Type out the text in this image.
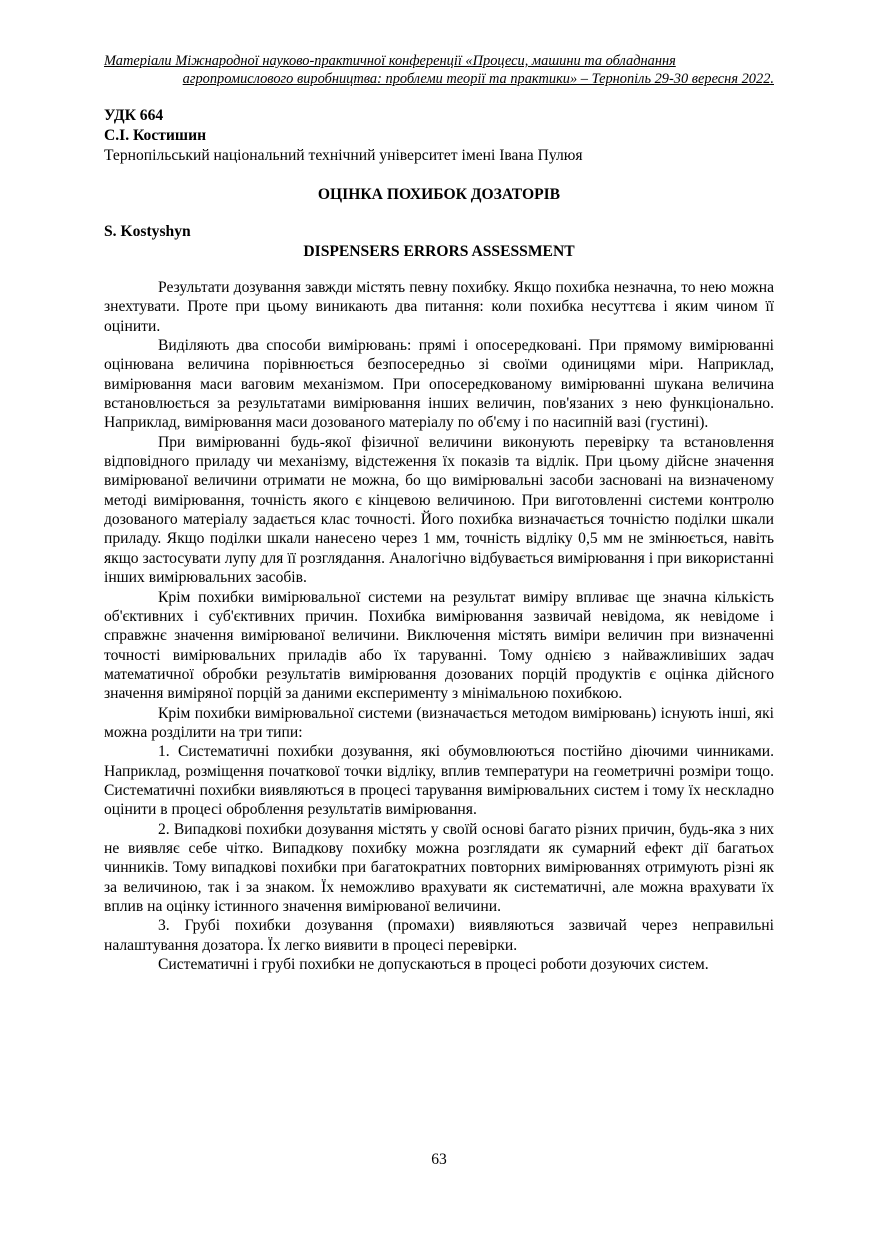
Матеріали Міжнародної науково-практичної конференції «Процеси, машини та обладнання
агропромислового виробництва: проблеми теорії та практики» – Тернопіль 29-30 вересня 2022.
УДК 664
С.І. Костишин
Тернопільський національний технічний університет імені Івана Пулюя
ОЦІНКА ПОХИБОК ДОЗАТОРІВ
S. Kostyshyn
DISPENSERS ERRORS ASSESSMENT

Результати дозування завжди містять певну похибку. Якщо похибка незначна, то нею можна знехтувати. Проте при цьому виникають два питання: коли похибка несуттєва і яким чином її оцінити.

Виділяють два способи вимірювань: прямі і опосередковані. При прямому вимірюванні оцінювана величина порівнюється безпосередньо зі своїми одиницями міри. Наприклад, вимірювання маси ваговим механізмом. При опосередкованому вимірюванні шукана величина встановлюється за результатами вимірювання інших величин, пов'язаних з нею функціонально. Наприклад, вимірювання маси дозованого матеріалу по об'єму і по насипній вазі (густині).

При вимірюванні будь-якої фізичної величини виконують перевірку та встановлення відповідного приладу чи механізму, відстеження їх показів та відлік. При цьому дійсне значення вимірюваної величини отримати не можна, бо що вимірювальні засоби засновані на визначеному методі вимірювання, точність якого є кінцевою величиною. При виготовленні системи контролю дозованого матеріалу задається клас точності. Його похибка визначається точністю поділки шкали приладу. Якщо поділки шкали нанесено через 1 мм, точність відліку 0,5 мм не змінюється, навіть якщо застосувати лупу для її розглядання. Аналогічно відбувається вимірювання і при використанні інших вимірювальних засобів.

Крім похибки вимірювальної системи на результат виміру впливає ще значна кількість об'єктивних і суб'єктивних причин. Похибка вимірювання зазвичай невідома, як невідоме і справжнє значення вимірюваної величини. Виключення містять виміри величин при визначенні точності вимірювальних приладів або їх таруванні. Тому однією з найважливіших задач математичної обробки результатів вимірювання дозованих порцій продуктів є оцінка дійсного значення виміряної порцій за даними експерименту з мінімальною похибкою.

Крім похибки вимірювальної системи (визначається методом вимірювань) існують інші, які можна розділити на три типи:

1. Систематичні похибки дозування, які обумовлюються постійно діючими чинниками. Наприклад, розміщення початкової точки відліку, вплив температури на геометричні розміри тощо. Систематичні похибки виявляються в процесі тарування вимірювальних систем і тому їх нескладно оцінити в процесі оброблення результатів вимірювання.

2. Випадкові похибки дозування містять у своїй основі багато різних причин, будь-яка з них не виявляє себе чітко. Випадкову похибку можна розглядати як сумарний ефект дії багатьох чинників. Тому випадкові похибки при багатократних повторних вимірюваннях отримують різні як за величиною, так і за знаком. Їх неможливо врахувати як систематичні, але можна врахувати їх вплив на оцінку істинного значення вимірюваної величини.

3. Грубі похибки дозування (промахи) виявляються зазвичай через неправильні налаштування дозатора. Їх легко виявити в процесі перевірки.

Систематичні і грубі похибки не допускаються в процесі роботи дозуючих систем.

63
